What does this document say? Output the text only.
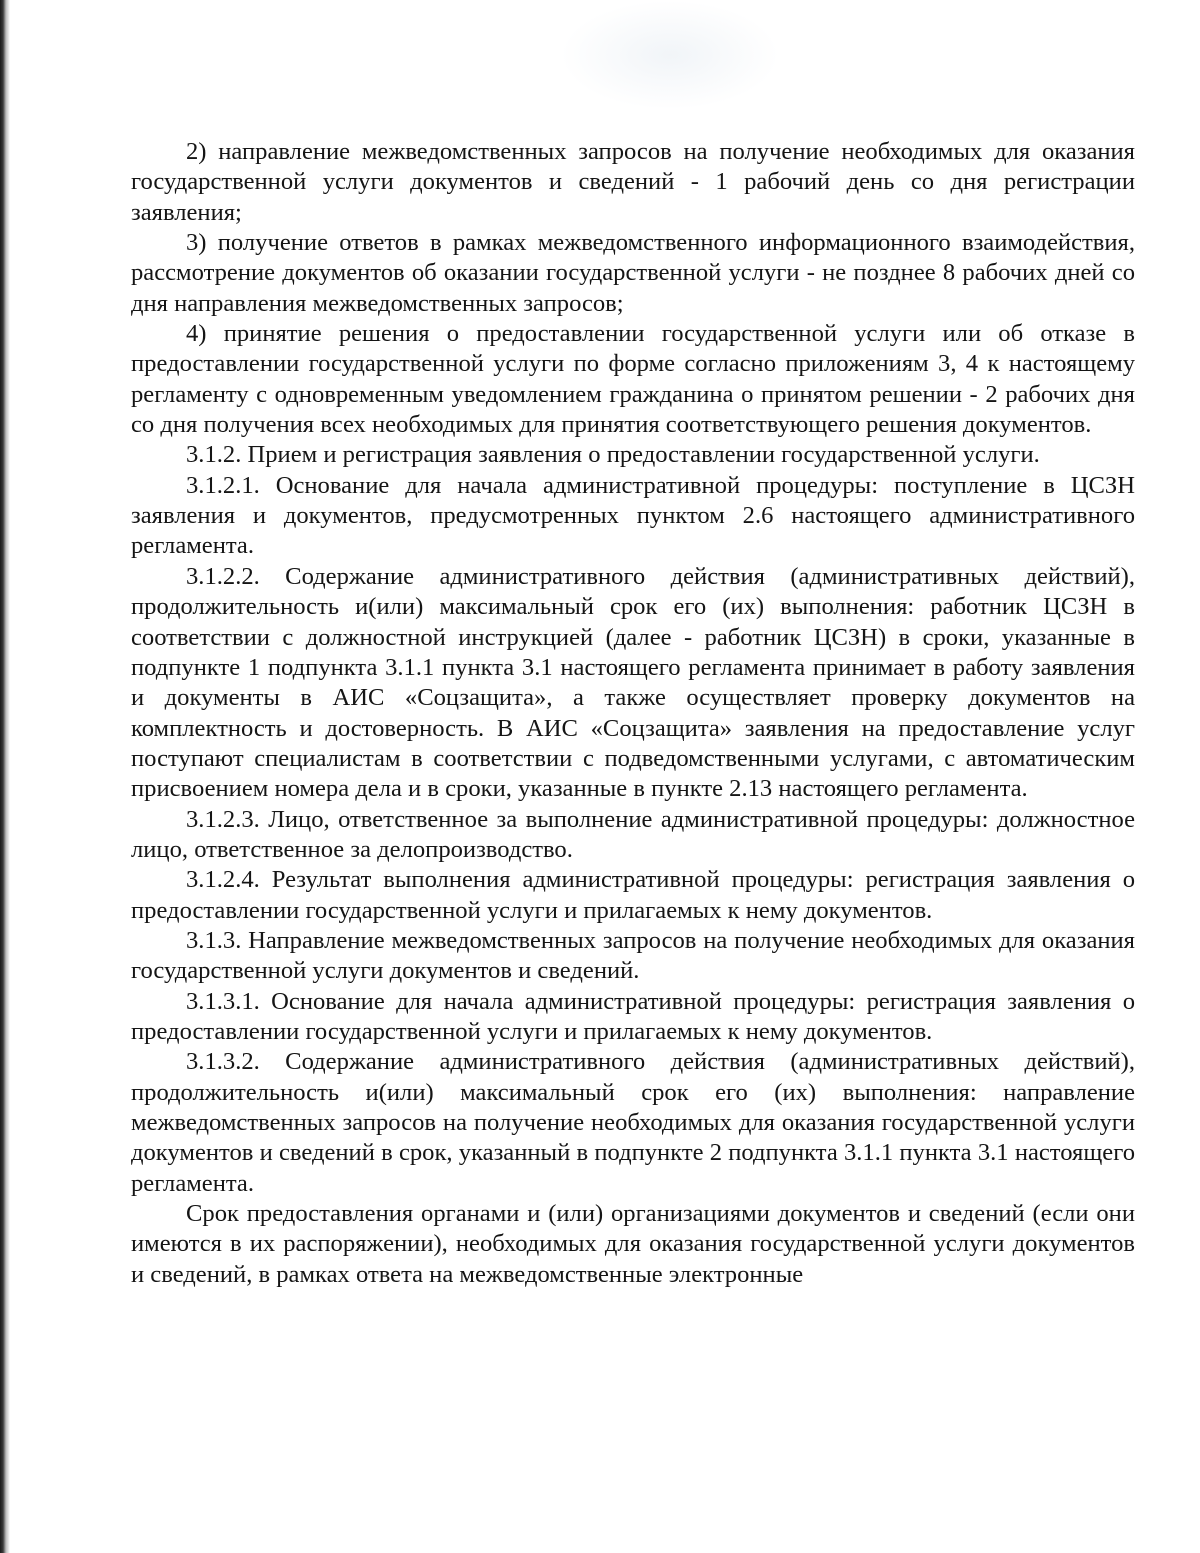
2) направление межведомственных запросов на получение необходимых для оказания государственной услуги документов и сведений - 1 рабочий день со дня регистрации заявления;

3) получение ответов в рамках межведомственного информационного взаимодействия, рассмотрение документов об оказании государственной услуги - не позднее 8 рабочих дней со дня направления межведомственных запросов;

4) принятие решения о предоставлении государственной услуги или об отказе в предоставлении государственной услуги по форме согласно приложениям 3, 4 к настоящему регламенту с одновременным уведомлением гражданина о принятом решении - 2 рабочих дня со дня получения всех необходимых для принятия соответствующего решения документов.

3.1.2. Прием и регистрация заявления о предоставлении государственной услуги.

3.1.2.1. Основание для начала административной процедуры: поступление в ЦСЗН заявления и документов, предусмотренных пунктом 2.6 настоящего административного регламента.

3.1.2.2. Содержание административного действия (административных действий), продолжительность и(или) максимальный срок его (их) выполнения: работник ЦСЗН в соответствии с должностной инструкцией (далее - работник ЦСЗН) в сроки, указанные в подпункте 1 подпункта 3.1.1 пункта 3.1 настоящего регламента принимает в работу заявления и документы в АИС «Соцзащита», а также осуществляет проверку документов на комплектность и достоверность. В АИС «Соцзащита» заявления на предоставление услуг поступают специалистам в соответствии с подведомственными услугами, с автоматическим присвоением номера дела и в сроки, указанные в пункте 2.13 настоящего регламента.

3.1.2.3. Лицо, ответственное за выполнение административной процедуры: должностное лицо, ответственное за делопроизводство.

3.1.2.4. Результат выполнения административной процедуры: регистрация заявления о предоставлении государственной услуги и прилагаемых к нему документов.

3.1.3. Направление межведомственных запросов на получение необходимых для оказания государственной услуги документов и сведений.

3.1.3.1. Основание для начала административной процедуры: регистрация заявления о предоставлении государственной услуги и прилагаемых к нему документов.

3.1.3.2. Содержание административного действия (административных действий), продолжительность и(или) максимальный срок его (их) выполнения: направление межведомственных запросов на получение необходимых для оказания государственной услуги документов и сведений в срок, указанный в подпункте 2 подпункта 3.1.1 пункта 3.1 настоящего регламента.

Срок предоставления органами и (или) организациями документов и сведений (если они имеются в их распоряжении), необходимых для оказания государственной услуги документов и сведений, в рамках ответа на межведомственные электронные
